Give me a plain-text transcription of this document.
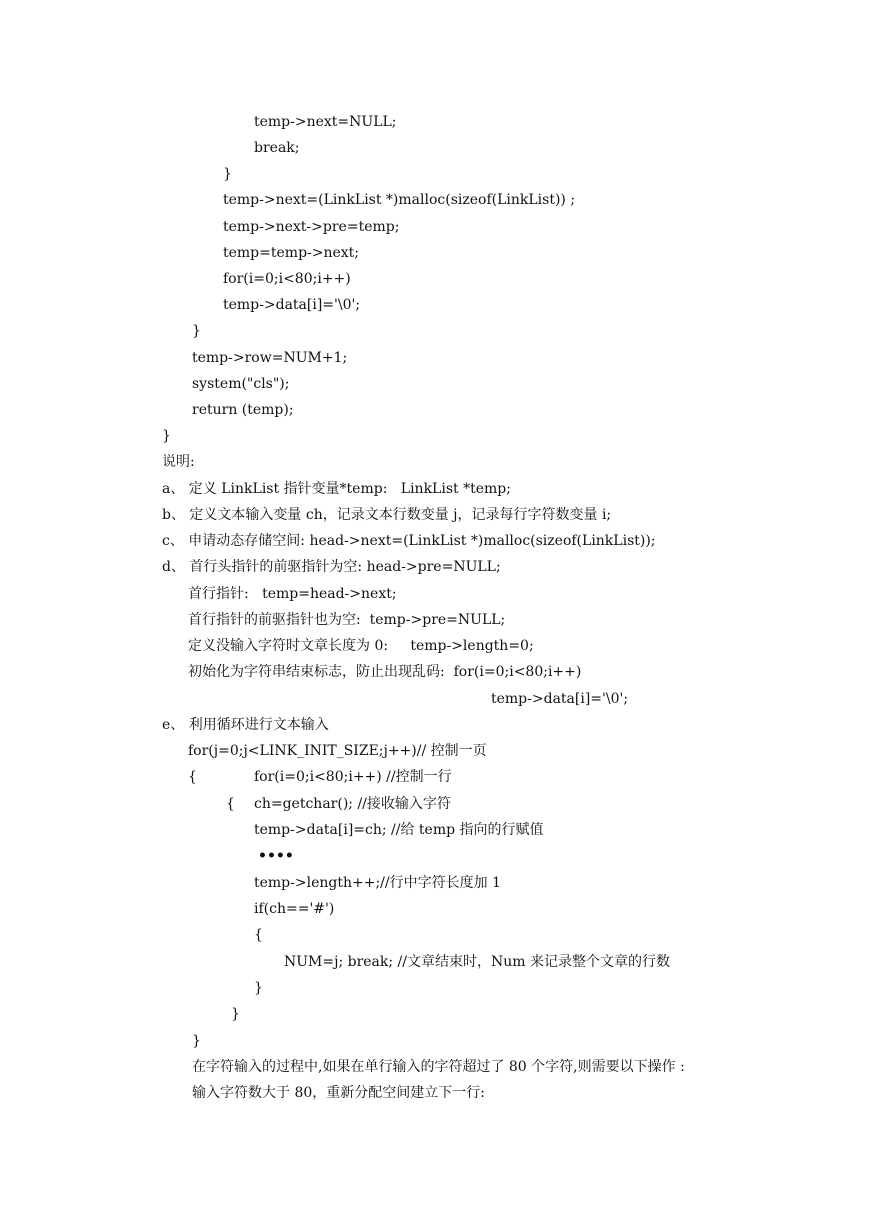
temp->next=NULL;
break;
}
temp->next=(LinkList *)malloc(sizeof(LinkList)) ;
temp->next->pre=temp;
temp=temp->next;
for(i=0;i<80;i++)
temp->data[i]='\0';
}
temp->row=NUM+1;
system("cls");
return (temp);
}
说明:
a、 定义 LinkList 指针变量*temp:   LinkList *temp;
b、 定义文本输入变量 ch，记录文本行数变量 j，记录每行字符数变量 i;
c、 申请动态存储空间: head->next=(LinkList *)malloc(sizeof(LinkList));
d、 首行头指针的前驱指针为空: head->pre=NULL;
首行指针:   temp=head->next;
首行指针的前驱指针也为空:  temp->pre=NULL;
定义没输入字符时文章长度为 0:     temp->length=0;
初始化为字符串结束标志，防止出现乱码:  for(i=0;i<80;i++)
temp->data[i]='\0';
e、 利用循环进行文本输入
for(j=0;j<LINK_INIT_SIZE;j++)// 控制一页
{	for(i=0;i<80;i++) //控制一行
{ ch=getchar(); //接收输入字符
temp->data[i]=ch; //给 temp 指向的行赋值
••••
temp->length++;//行中字符长度加 1
if(ch=='#')
{
NUM=j; break; //文章结束时，Num 来记录整个文章的行数
}
}
}
在字符输入的过程中,如果在单行输入的字符超过了 80 个字符,则需要以下操作 :
输入字符数大于 80，重新分配空间建立下一行:
